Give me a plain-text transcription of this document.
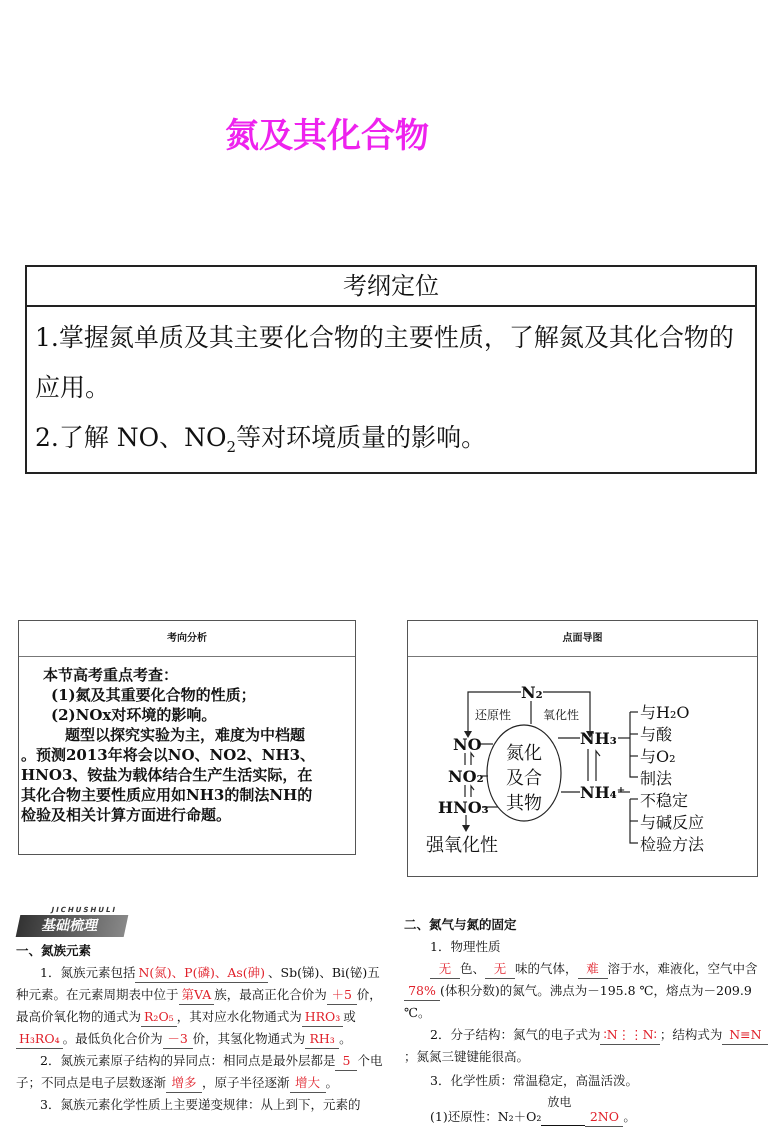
氮及其化合物
考纲定位
1.掌握氮单质及其主要化合物的主要性质，了解氮及其化合物的应用。
2.了解 NO、$NO_2$等对环境质量的影响。
考向分析
本节高考重点考查：
(1)氮及其重要化合物的性质；
(2)NOx对环境的影响。
题型以探究实验为主，难度为中档题
。预测2013年将会以NO、NO2、NH3、
HNO3、铵盐为载体结合生产生活实际，在
其化合物主要性质应用如NH3的制法NH的
检验及相关计算方面进行命题。
点面导图
N₂
还原性	氧化性
氮化
及合
其物
NO
NO₂
HNO₃
强氧化性
NH₃
NH₄⁺
与H₂O
与酸
与O₂
制法
不稳定
与碱反应
检验方法
JICHUSHULI
基础梳理
一、氮族元素
1．氮族元素包括 N(氮)、P(磷)、As(砷) 、Sb(锑)、Bi(铋)五种元素。在元素周期表中位于 第VA 族，最高正化合价为 ＋5 价，最高价氧化物的通式为 R₂O₅ ，其对应水化物通式为 HRO₃ 或H₃RO₄ 。最低负化合价为 －3 价，其氢化物通式为 RH₃ 。
2．氮族元素原子结构的异同点：相同点是最外层都是 5 个电子；不同点是电子层数逐渐 增多 ，原子半径逐渐 增大 。
3．氮族元素化学性质上主要递变规律：从上到下，元素的
二、氮气与氮的固定
1．物理性质
无 色、 无 味的气体， 难 溶于水，难液化，空气中含78% (体积分数)的氮气。沸点为－195.8 ℃，熔点为－209.9 ℃。
2．分子结构：氮气的电子式为 ∶N⋮⋮N∶ ；结构式为 N≡N；氮氮三键键能很高。
3．化学性质：常温稳定，高温活泼。
(1)还原性：N₂＋O₂
放电
2NO 。
